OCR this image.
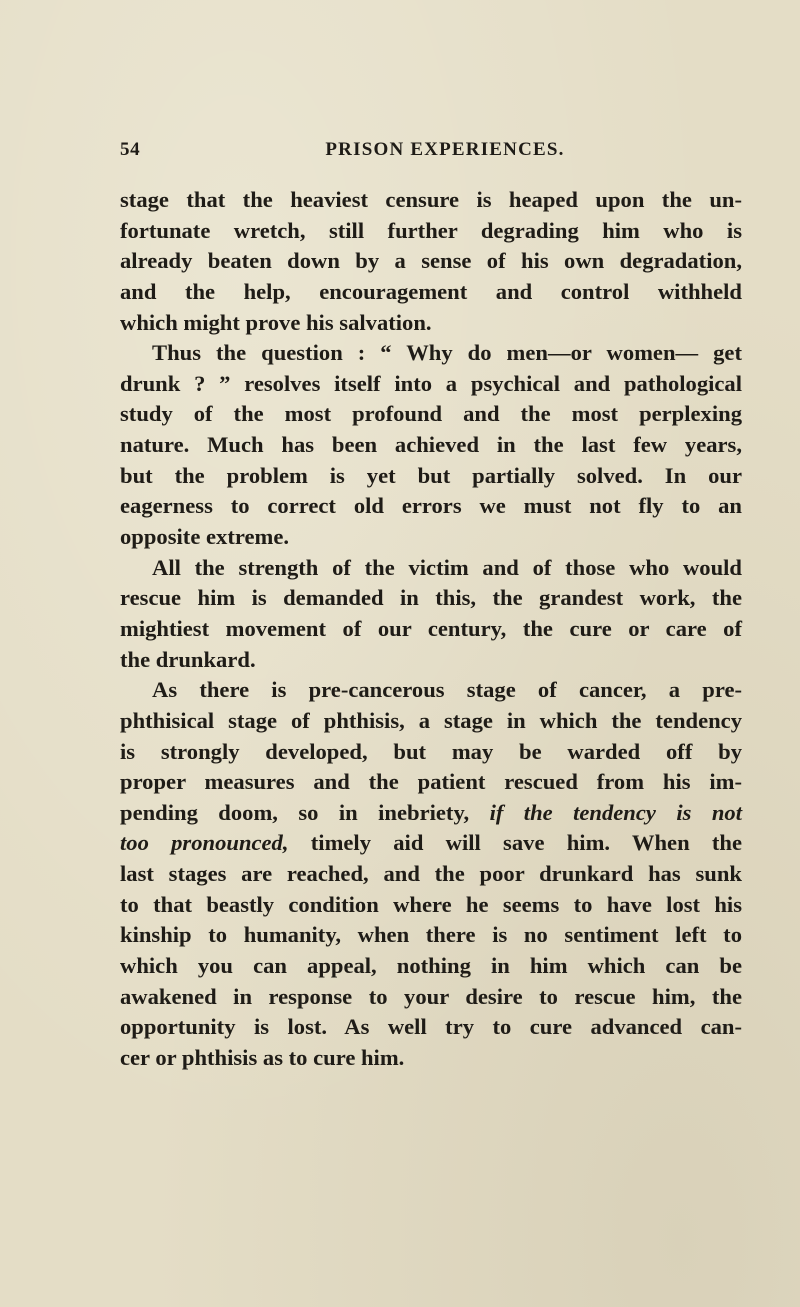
54	PRISON EXPERIENCES.
stage that the heaviest censure is heaped upon the un-
fortunate wretch, still further degrading him who is
already beaten down by a sense of his own degradation,
and the help, encouragement and control withheld
which might prove his salvation.
Thus the question : “ Why do men—or women— get
drunk ? ” resolves itself into a psychical and pathological
study of the most profound and the most perplexing
nature. Much has been achieved in the last few years,
but the problem is yet but partially solved. In our
eagerness to correct old errors we must not fly to an
opposite extreme.
All the strength of the victim and of those who would
rescue him is demanded in this, the grandest work, the
mightiest movement of our century, the cure or care of
the drunkard.
As there is pre-cancerous stage of cancer, a pre-
phthisical stage of phthisis, a stage in which the tendency
is strongly developed, but may be warded off by
proper measures and the patient rescued from his im-
pending doom, so in inebriety, if the tendency is not
too pronounced, timely aid will save him. When the
last stages are reached, and the poor drunkard has sunk
to that beastly condition where he seems to have lost his
kinship to humanity, when there is no sentiment left to
which you can appeal, nothing in him which can be
awakened in response to your desire to rescue him, the
opportunity is lost. As well try to cure advanced can-
cer or phthisis as to cure him.
